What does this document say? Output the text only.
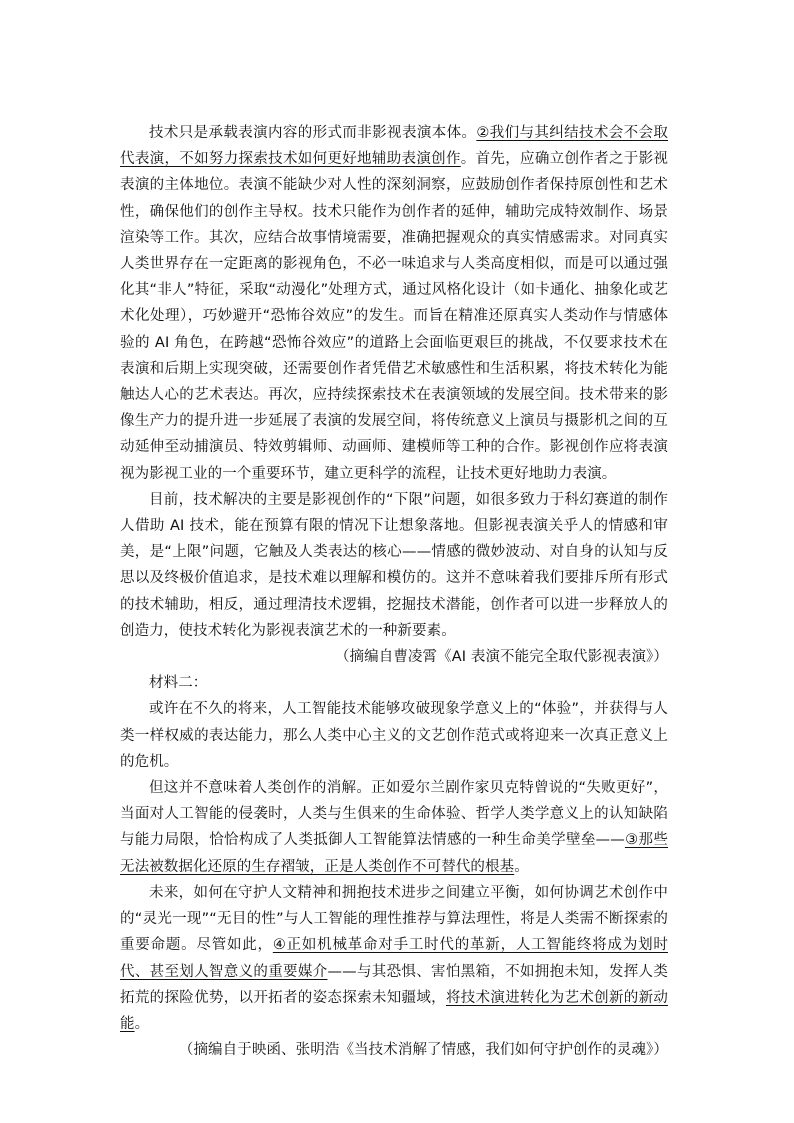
技术只是承载表演内容的形式而非影视表演本体。②我们与其纠结技术会不会取代表演，不如努力探索技术如何更好地辅助表演创作。首先，应确立创作者之于影视表演的主体地位。表演不能缺少对人性的深刻洞察，应鼓励创作者保持原创性和艺术性，确保他们的创作主导权。技术只能作为创作者的延伸，辅助完成特效制作、场景渲染等工作。其次，应结合故事情境需要，准确把握观众的真实情感需求。对同真实人类世界存在一定距离的影视角色，不必一味追求与人类高度相似，而是可以通过强化其“非人”特征，采取“动漫化”处理方式，通过风格化设计（如卡通化、抽象化或艺术化处理），巧妙避开“恐怖谷效应”的发生。而旨在精准还原真实人类动作与情感体验的 AI 角色，在跨越“恐怖谷效应”的道路上会面临更艰巨的挑战，不仅要求技术在表演和后期上实现突破，还需要创作者凭借艺术敏感性和生活积累，将技术转化为能触达人心的艺术表达。再次，应持续探索技术在表演领域的发展空间。技术带来的影像生产力的提升进一步延展了表演的发展空间，将传统意义上演员与摄影机之间的互动延伸至动捕演员、特效剪辑师、动画师、建模师等工种的合作。影视创作应将表演视为影视工业的一个重要环节，建立更科学的流程，让技术更好地助力表演。

目前，技术解决的主要是影视创作的“下限”问题，如很多致力于科幻赛道的制作人借助 AI 技术，能在预算有限的情况下让想象落地。但影视表演关乎人的情感和审美，是“上限”问题，它触及人类表达的核心——情感的微妙波动、对自身的认知与反思以及终极价值追求，是技术难以理解和模仿的。这并不意味着我们要排斥所有形式的技术辅助，相反，通过理清技术逻辑，挖掘技术潜能，创作者可以进一步释放人的创造力，使技术转化为影视表演艺术的一种新要素。

（摘编自曹凌霄《AI 表演不能完全取代影视表演》）

材料二：

或许在不久的将来，人工智能技术能够攻破现象学意义上的“体验”，并获得与人类一样权威的表达能力，那么人类中心主义的文艺创作范式或将迎来一次真正意义上的危机。

但这并不意味着人类创作的消解。正如爱尔兰剧作家贝克特曾说的“失败更好”，当面对人工智能的侵袭时，人类与生俱来的生命体验、哲学人类学意义上的认知缺陷与能力局限，恰恰构成了人类抵御人工智能算法情感的一种生命美学壁垒——③那些无法被数据化还原的生存褶皱，正是人类创作不可替代的根基。

未来，如何在守护人文精神和拥抱技术进步之间建立平衡，如何协调艺术创作中的“灵光一现”“无目的性”与人工智能的理性推荐与算法理性，将是人类需不断探索的重要命题。尽管如此，④正如机械革命对手工时代的革新，人工智能终将成为划时代、甚至划人智意义的重要媒介——与其恐惧、害怕黑箱，不如拥抱未知，发挥人类拓荒的探险优势，以开拓者的姿态探索未知疆域，将技术演进转化为艺术创新的新动能。

（摘编自于映函、张明浩《当技术消解了情感，我们如何守护创作的灵魂》）
